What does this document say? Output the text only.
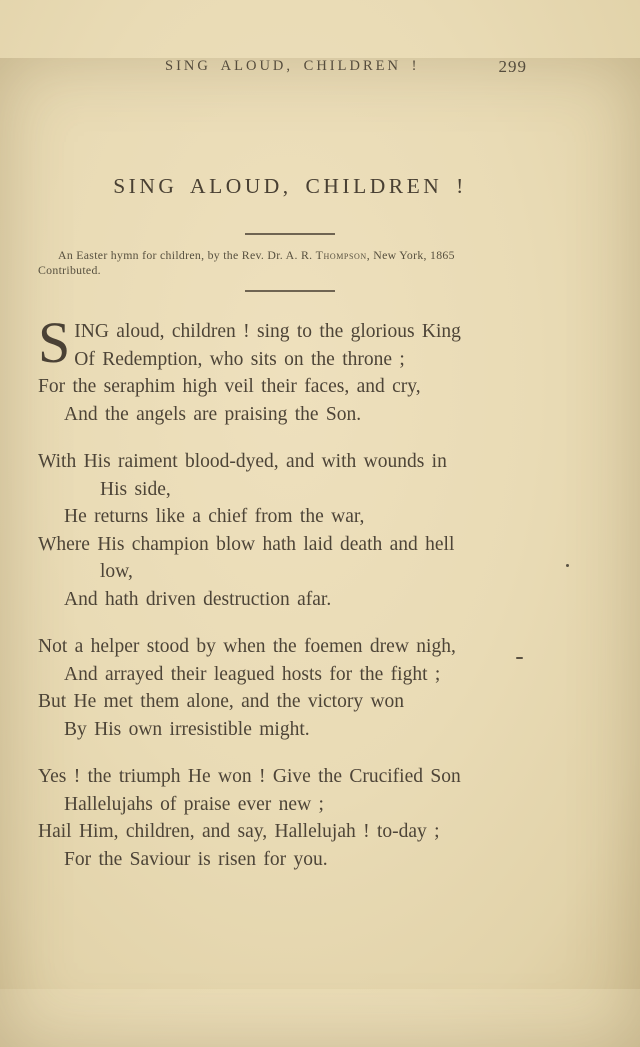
SING ALOUD, CHILDREN !	299
SING ALOUD, CHILDREN !

An Easter hymn for children, by the Rev. Dr. A. R. Thompson, New York, 1865
Contributed.

S ING aloud, children ! sing to the glorious King
Of Redemption, who sits on the throne ;
For the seraphim high veil their faces, and cry,
And the angels are praising the Son.
With His raiment blood-dyed, and with wounds in
His side,
He returns like a chief from the war,
Where His champion blow hath laid death and hell
low,
And hath driven destruction afar.
Not a helper stood by when the foemen drew nigh,
And arrayed their leagued hosts for the fight ;
But He met them alone, and the victory won
By His own irresistible might.
Yes ! the triumph He won ! Give the Crucified Son
Hallelujahs of praise ever new ;
Hail Him, children, and say, Hallelujah ! to-day ;
For the Saviour is risen for you.
